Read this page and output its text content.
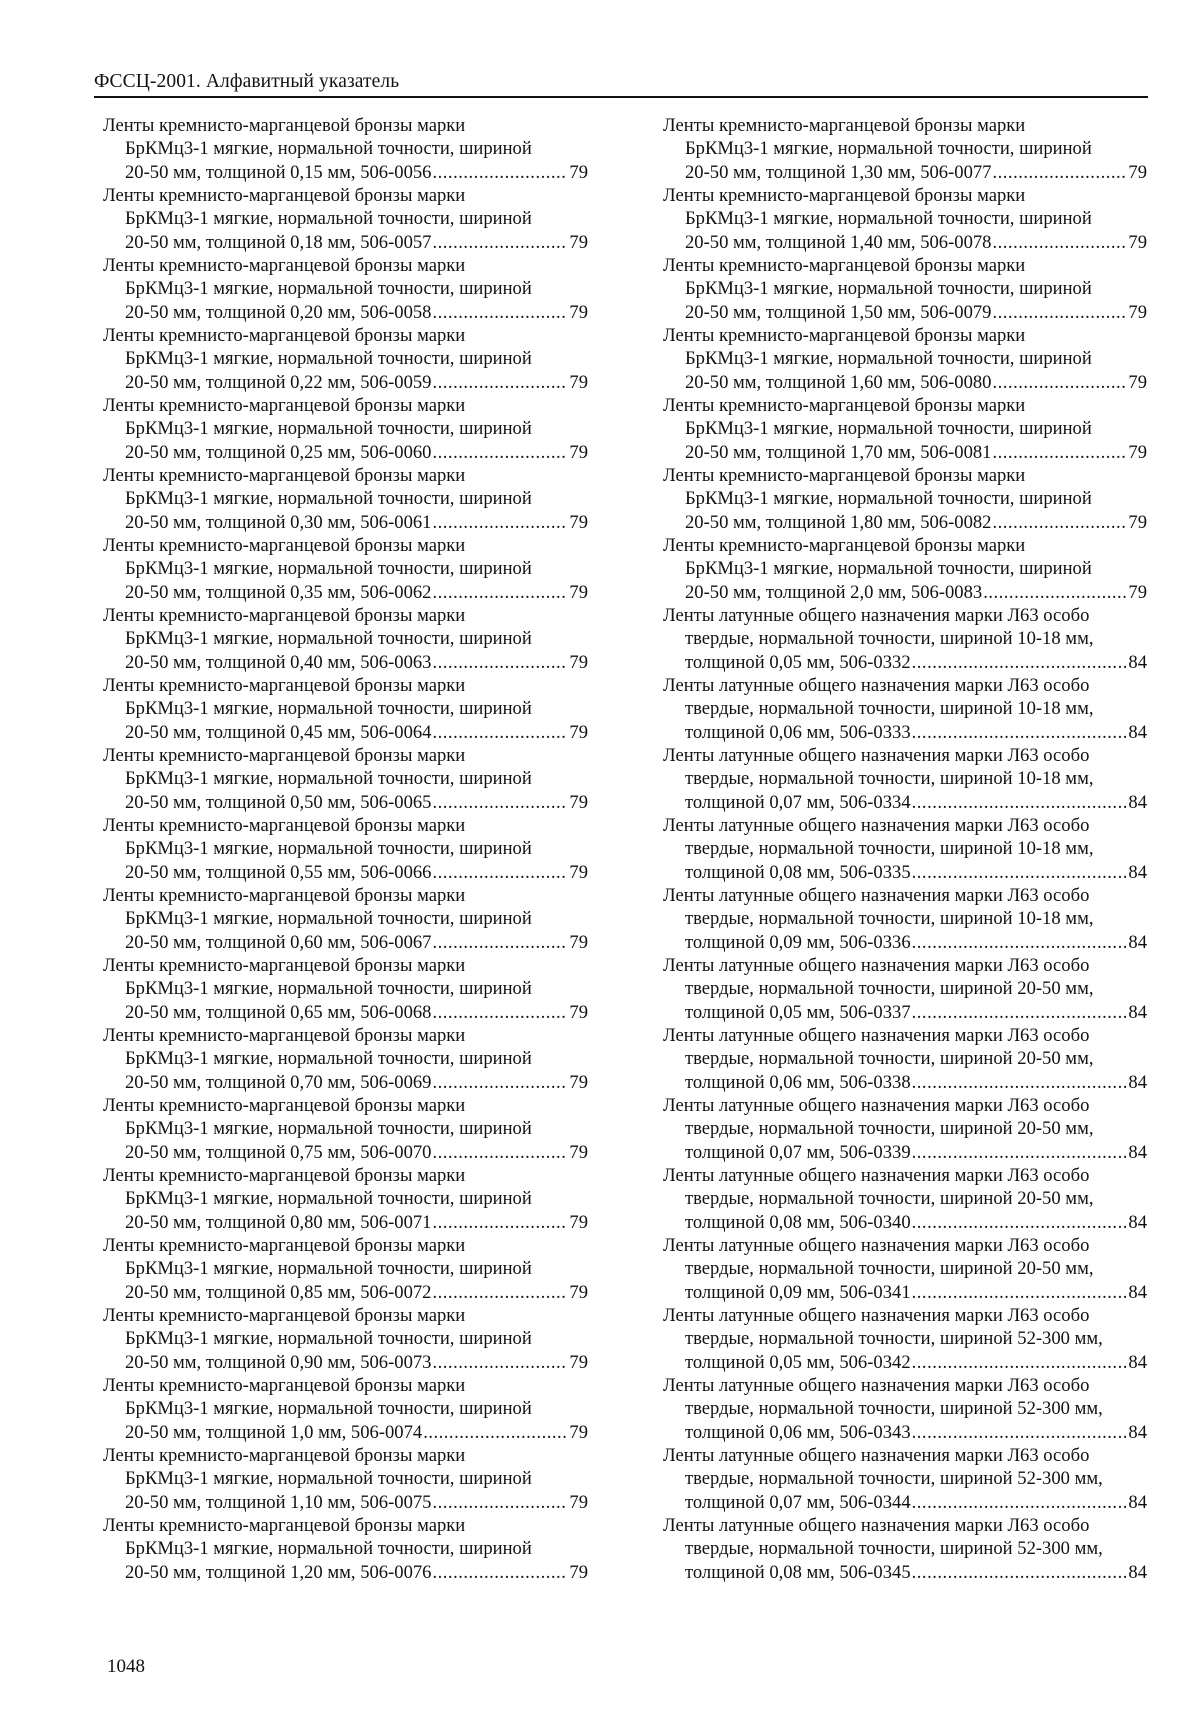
ФССЦ-2001. Алфавитный указатель
Ленты кремнисто-марганцевой бронзы марки
БрКМц3-1 мягкие, нормальной точности, шириной
20-50 мм, толщиной 0,15 мм, 506-0056 .....	79
Ленты кремнисто-марганцевой бронзы марки
БрКМц3-1 мягкие, нормальной точности, шириной
20-50 мм, толщиной 0,18 мм, 506-0057 .....	79
Ленты кремнисто-марганцевой бронзы марки
БрКМц3-1 мягкие, нормальной точности, шириной
20-50 мм, толщиной 0,20 мм, 506-0058 .....	79
Ленты кремнисто-марганцевой бронзы марки
БрКМц3-1 мягкие, нормальной точности, шириной
20-50 мм, толщиной 0,22 мм, 506-0059 .....	79
Ленты кремнисто-марганцевой бронзы марки
БрКМц3-1 мягкие, нормальной точности, шириной
20-50 мм, толщиной 0,25 мм, 506-0060 .....	79
Ленты кремнисто-марганцевой бронзы марки
БрКМц3-1 мягкие, нормальной точности, шириной
20-50 мм, толщиной 0,30 мм, 506-0061 .....	79
Ленты кремнисто-марганцевой бронзы марки
БрКМц3-1 мягкие, нормальной точности, шириной
20-50 мм, толщиной 0,35 мм, 506-0062 .....	79
Ленты кремнисто-марганцевой бронзы марки
БрКМц3-1 мягкие, нормальной точности, шириной
20-50 мм, толщиной 0,40 мм, 506-0063 .....	79
Ленты кремнисто-марганцевой бронзы марки
БрКМц3-1 мягкие, нормальной точности, шириной
20-50 мм, толщиной 0,45 мм, 506-0064 .....	79
Ленты кремнисто-марганцевой бронзы марки
БрКМц3-1 мягкие, нормальной точности, шириной
20-50 мм, толщиной 0,50 мм, 506-0065 .....	79
Ленты кремнисто-марганцевой бронзы марки
БрКМц3-1 мягкие, нормальной точности, шириной
20-50 мм, толщиной 0,55 мм, 506-0066 .....	79
Ленты кремнисто-марганцевой бронзы марки
БрКМц3-1 мягкие, нормальной точности, шириной
20-50 мм, толщиной 0,60 мм, 506-0067 .....	79
Ленты кремнисто-марганцевой бронзы марки
БрКМц3-1 мягкие, нормальной точности, шириной
20-50 мм, толщиной 0,65 мм, 506-0068 .....	79
Ленты кремнисто-марганцевой бронзы марки
БрКМц3-1 мягкие, нормальной точности, шириной
20-50 мм, толщиной 0,70 мм, 506-0069 .....	79
Ленты кремнисто-марганцевой бронзы марки
БрКМц3-1 мягкие, нормальной точности, шириной
20-50 мм, толщиной 0,75 мм, 506-0070 .....	79
Ленты кремнисто-марганцевой бронзы марки
БрКМц3-1 мягкие, нормальной точности, шириной
20-50 мм, толщиной 0,80 мм, 506-0071 .....	79
Ленты кремнисто-марганцевой бронзы марки
БрКМц3-1 мягкие, нормальной точности, шириной
20-50 мм, толщиной 0,85 мм, 506-0072 .....	79
Ленты кремнисто-марганцевой бронзы марки
БрКМц3-1 мягкие, нормальной точности, шириной
20-50 мм, толщиной 0,90 мм, 506-0073 .....	79
Ленты кремнисто-марганцевой бронзы марки
БрКМц3-1 мягкие, нормальной точности, шириной
20-50 мм, толщиной 1,0 мм, 506-0074 .....	79
Ленты кремнисто-марганцевой бронзы марки
БрКМц3-1 мягкие, нормальной точности, шириной
20-50 мм, толщиной 1,10 мм, 506-0075 .....	79
Ленты кремнисто-марганцевой бронзы марки
БрКМц3-1 мягкие, нормальной точности, шириной
20-50 мм, толщиной 1,20 мм, 506-0076 .....	79
Ленты кремнисто-марганцевой бронзы марки
БрКМц3-1 мягкие, нормальной точности, шириной
20-50 мм, толщиной 1,30 мм, 506-0077 .....	79
Ленты кремнисто-марганцевой бронзы марки
БрКМц3-1 мягкие, нормальной точности, шириной
20-50 мм, толщиной 1,40 мм, 506-0078 .....	79
Ленты кремнисто-марганцевой бронзы марки
БрКМц3-1 мягкие, нормальной точности, шириной
20-50 мм, толщиной 1,50 мм, 506-0079 .....	79
Ленты кремнисто-марганцевой бронзы марки
БрКМц3-1 мягкие, нормальной точности, шириной
20-50 мм, толщиной 1,60 мм, 506-0080 .....	79
Ленты кремнисто-марганцевой бронзы марки
БрКМц3-1 мягкие, нормальной точности, шириной
20-50 мм, толщиной 1,70 мм, 506-0081 .....	79
Ленты кремнисто-марганцевой бронзы марки
БрКМц3-1 мягкие, нормальной точности, шириной
20-50 мм, толщиной 1,80 мм, 506-0082 .....	79
Ленты кремнисто-марганцевой бронзы марки
БрКМц3-1 мягкие, нормальной точности, шириной
20-50 мм, толщиной 2,0 мм, 506-0083 .....	79
Ленты латунные общего назначения марки Л63 особо
твердые, нормальной точности, шириной 10-18 мм,
толщиной 0,05 мм, 506-0332 .....	84
Ленты латунные общего назначения марки Л63 особо
твердые, нормальной точности, шириной 10-18 мм,
толщиной 0,06 мм, 506-0333 .....	84
Ленты латунные общего назначения марки Л63 особо
твердые, нормальной точности, шириной 10-18 мм,
толщиной 0,07 мм, 506-0334 .....	84
Ленты латунные общего назначения марки Л63 особо
твердые, нормальной точности, шириной 10-18 мм,
толщиной 0,08 мм, 506-0335 .....	84
Ленты латунные общего назначения марки Л63 особо
твердые, нормальной точности, шириной 10-18 мм,
толщиной 0,09 мм, 506-0336 .....	84
Ленты латунные общего назначения марки Л63 особо
твердые, нормальной точности, шириной 20-50 мм,
толщиной 0,05 мм, 506-0337 .....	84
Ленты латунные общего назначения марки Л63 особо
твердые, нормальной точности, шириной 20-50 мм,
толщиной 0,06 мм, 506-0338 .....	84
Ленты латунные общего назначения марки Л63 особо
твердые, нормальной точности, шириной 20-50 мм,
толщиной 0,07 мм, 506-0339 .....	84
Ленты латунные общего назначения марки Л63 особо
твердые, нормальной точности, шириной 20-50 мм,
толщиной 0,08 мм, 506-0340 .....	84
Ленты латунные общего назначения марки Л63 особо
твердые, нормальной точности, шириной 20-50 мм,
толщиной 0,09 мм, 506-0341 .....	84
Ленты латунные общего назначения марки Л63 особо
твердые, нормальной точности, шириной 52-300 мм,
толщиной 0,05 мм, 506-0342 .....	84
Ленты латунные общего назначения марки Л63 особо
твердые, нормальной точности, шириной 52-300 мм,
толщиной 0,06 мм, 506-0343 .....	84
Ленты латунные общего назначения марки Л63 особо
твердые, нормальной точности, шириной 52-300 мм,
толщиной 0,07 мм, 506-0344 .....	84
Ленты латунные общего назначения марки Л63 особо
твердые, нормальной точности, шириной 52-300 мм,
толщиной 0,08 мм, 506-0345 .....	84
1048
